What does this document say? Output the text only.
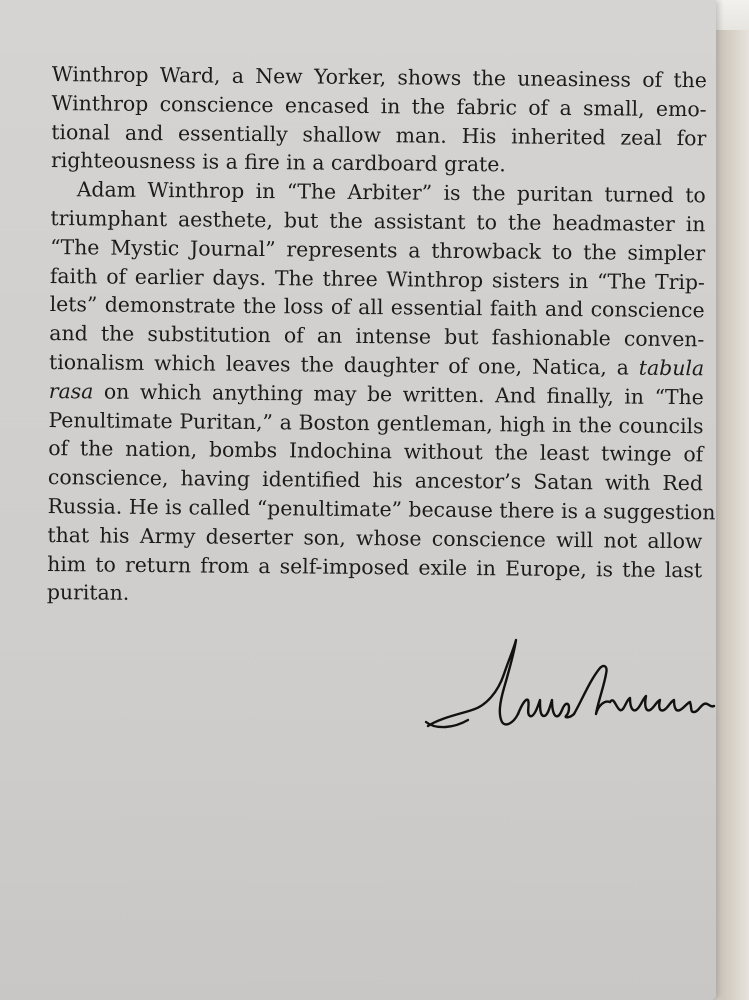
Winthrop Ward, a New Yorker, shows the uneasiness of the
Winthrop conscience encased in the fabric of a small, emo-
tional and essentially shallow man. His inherited zeal for
righteousness is a fire in a cardboard grate.
Adam Winthrop in “The Arbiter” is the puritan turned to
triumphant aesthete, but the assistant to the headmaster in
“The Mystic Journal” represents a throwback to the simpler
faith of earlier days. The three Winthrop sisters in “The Trip-
lets” demonstrate the loss of all essential faith and conscience
and the substitution of an intense but fashionable conven-
tionalism which leaves the daughter of one, Natica, a tabula
rasa on which anything may be written. And finally, in “The
Penultimate Puritan,” a Boston gentleman, high in the councils
of the nation, bombs Indochina without the least twinge of
conscience, having identified his ancestor’s Satan with Red
Russia. He is called “penultimate” because there is a suggestion
that his Army deserter son, whose conscience will not allow
him to return from a self-imposed exile in Europe, is the last
puritan.
